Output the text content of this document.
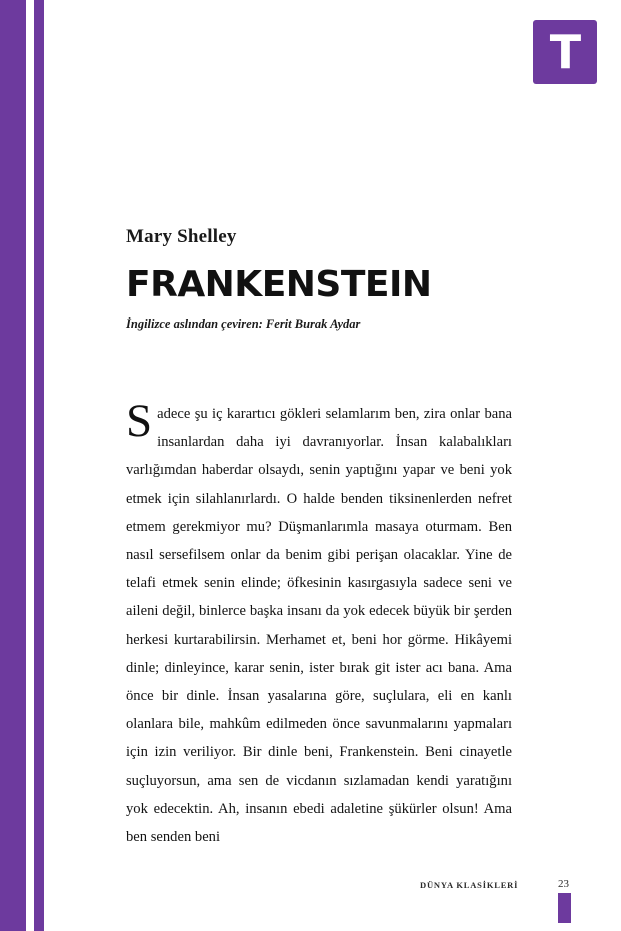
T
Mary Shelley
FRANKENSTEIN
İngilizce aslından çeviren: Ferit Burak Aydar
Sadece şu iç karartıcı gökleri selamlarım ben, zira onlar bana insanlardan daha iyi davranıyorlar. İnsan kalabalıkları varlığımdan haberdar olsaydı, senin yaptığını yapar ve beni yok etmek için silahlanırlardı. O halde benden tiksinenlerden nefret etmem gerekmiyor mu? Düşmanlarımla masaya oturmam. Ben nasıl sersefilsem onlar da benim gibi perişan olacaklar. Yine de telafi etmek senin elinde; öfkesinin kasırgasıyla sadece seni ve aileni değil, binlerce başka insanı da yok edecek büyük bir şerden herkesi kurtarabilirsin. Merhamet et, beni hor görme. Hikâyemi dinle; dinleyince, karar senin, ister bırak git ister acı bana. Ama önce bir dinle. İnsan yasalarına göre, suçlulara, eli en kanlı olanlara bile, mahkûm edilmeden önce savunmalarını yapmaları için izin veriliyor. Bir dinle beni, Frankenstein. Beni cinayetle suçluyorsun, ama sen de vicdanın sızlamadan kendi yaratığını yok edecektin. Ah, insanın ebedi adaletine şükürler olsun! Ama ben senden beni
DÜNYA KLASİKLERİ	23
